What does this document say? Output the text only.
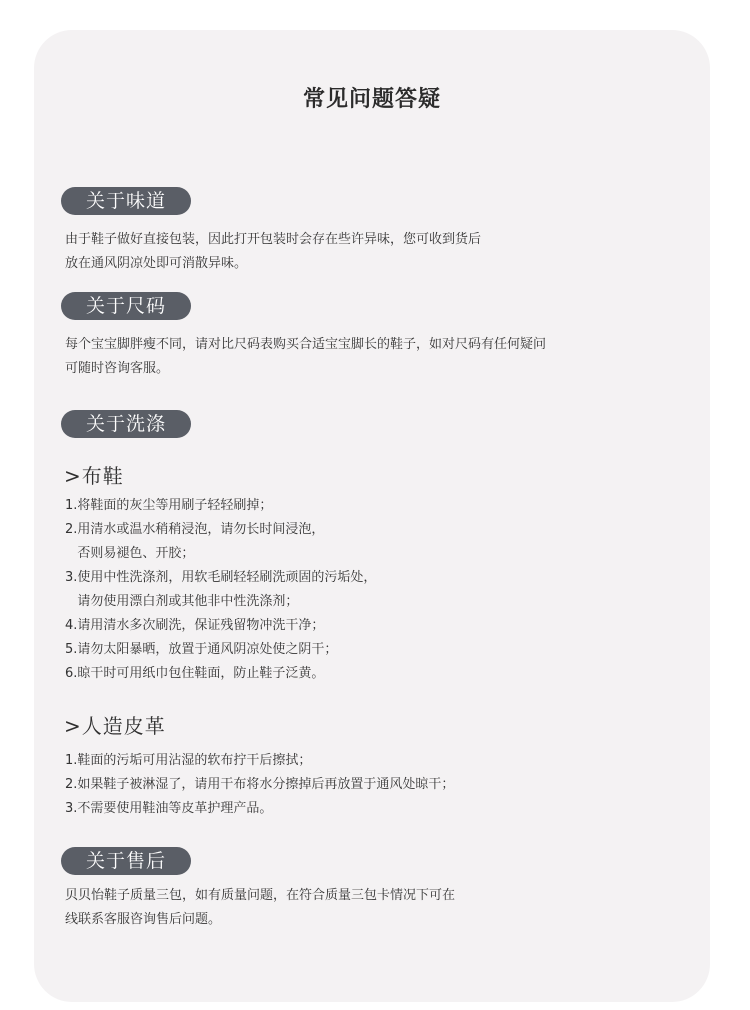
常见问题答疑
关于味道
由于鞋子做好直接包装，因此打开包装时会存在些许异味，您可收到货后
放在通风阴凉处即可消散异味。
关于尺码
每个宝宝脚胖瘦不同，请对比尺码表购买合适宝宝脚长的鞋子，如对尺码有任何疑问
可随时咨询客服。
关于洗涤
>布鞋
1.将鞋面的灰尘等用刷子轻轻刷掉；
2.用清水或温水稍稍浸泡，请勿长时间浸泡，
否则易褪色、开胶；
3.使用中性洗涤剂，用软毛刷轻轻刷洗顽固的污垢处，
请勿使用漂白剂或其他非中性洗涤剂；
4.请用清水多次刷洗，保证残留物冲洗干净；
5.请勿太阳暴晒，放置于通风阴凉处使之阴干；
6.晾干时可用纸巾包住鞋面，防止鞋子泛黄。
>人造皮革
1.鞋面的污垢可用沾湿的软布拧干后擦拭；
2.如果鞋子被淋湿了，请用干布将水分擦掉后再放置于通风处晾干；
3.不需要使用鞋油等皮革护理产品。
关于售后
贝贝怡鞋子质量三包，如有质量问题，在符合质量三包卡情况下可在
线联系客服咨询售后问题。
